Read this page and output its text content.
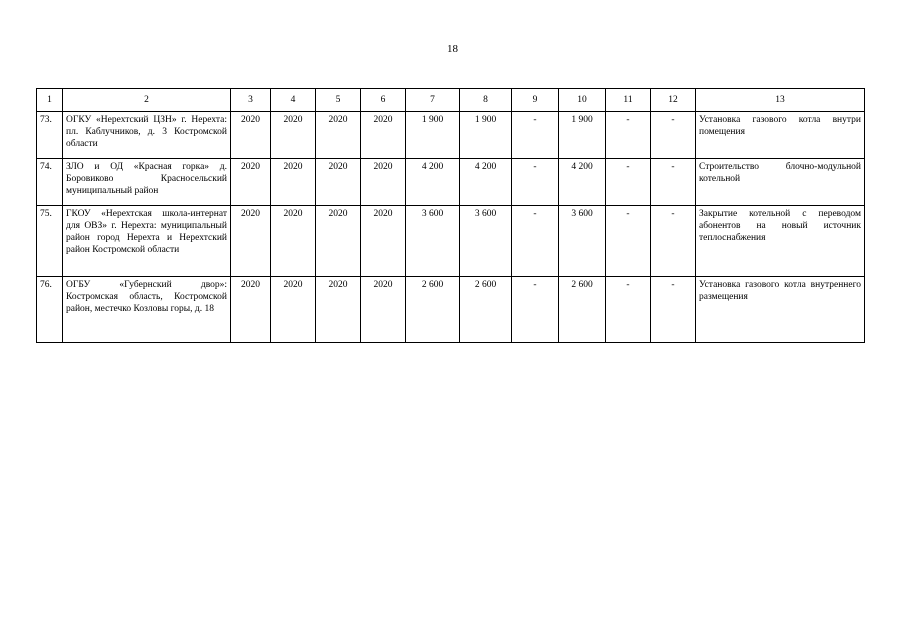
18
1	2	3	4	5	6	7	8	9	10	11	12	13
73.	ОГКУ «Нерехтский ЦЗН» г. Нерехта: пл. Каблучников, д. 3 Костромской области	2020	2020	2020	2020	1 900	1 900	-	1 900	-	-	Установка газового котла внутри помещения
74.	ЗЛО и ОД «Красная горка» д. Боровиково Красносельский муниципальный район	2020	2020	2020	2020	4 200	4 200	-	4 200	-	-	Строительство блочно-модульной котельной
75.	ГКОУ «Нерехтская школа-интернат для ОВЗ» г. Нерехта: муниципальный район город Нерехта и Нерехтский район Костромской области	2020	2020	2020	2020	3 600	3 600	-	3 600	-	-	Закрытие котельной с переводом абонентов на новый источник теплоснабжения
76.	ОГБУ «Губернский двор»: Костромская область, Костромской район, местечко Козловы горы, д. 18	2020	2020	2020	2020	2 600	2 600	-	2 600	-	-	Установка газового котла внутреннего размещения
